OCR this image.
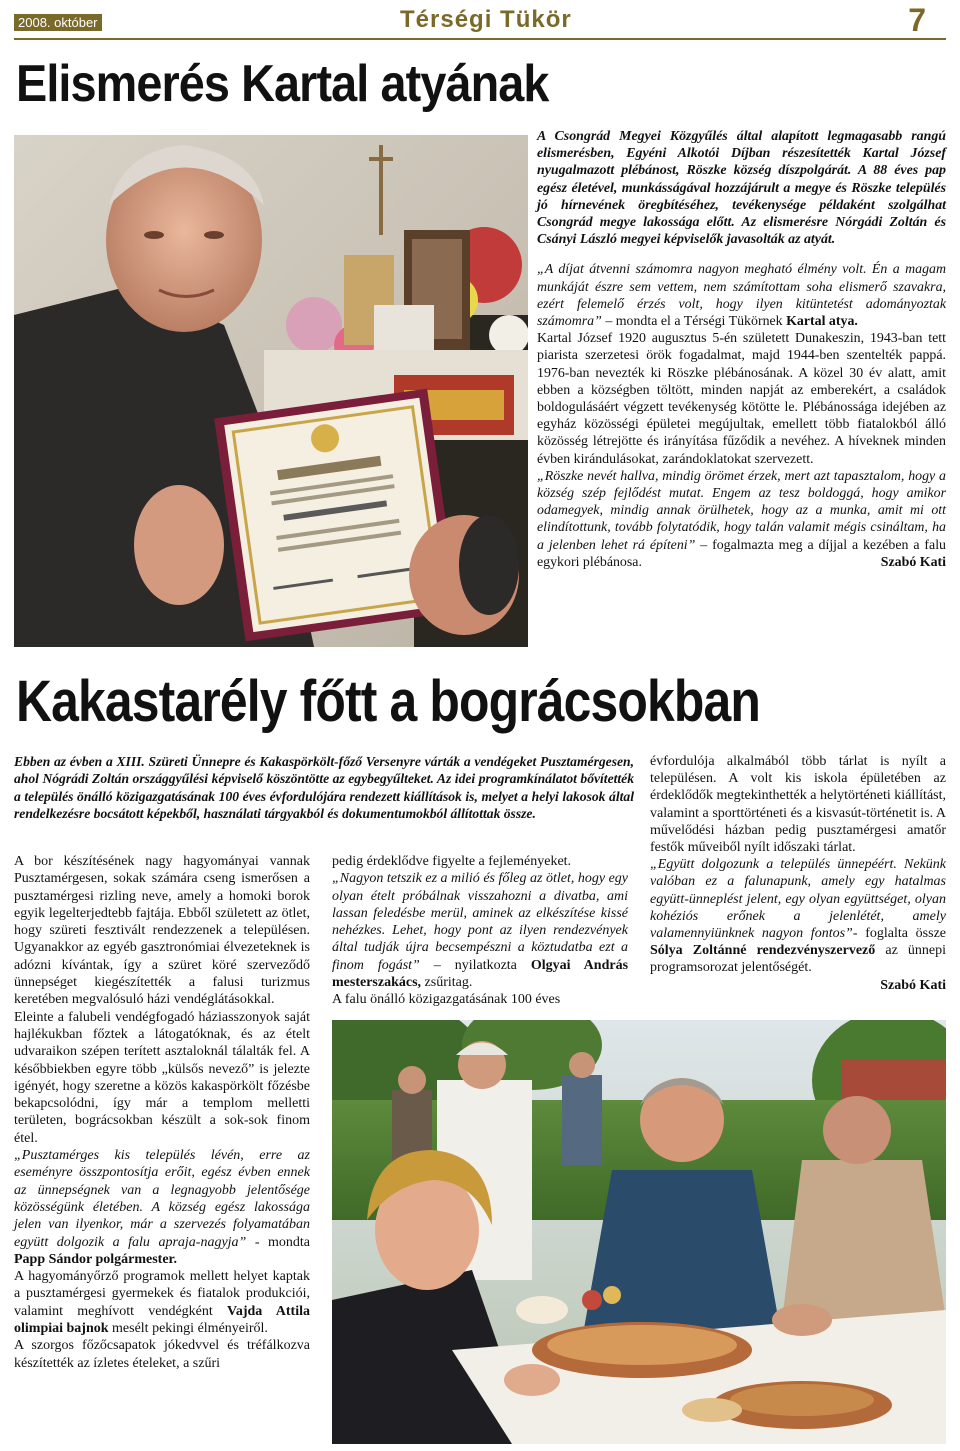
2008. október	Térségi Tükör	7
Elismerés Kartal atyának

A Csongrád Megyei Közgyűlés által alapított legmagasabb rangú elismerésben, Egyéni Alkotói Díjban részesítették Kartal József nyugalmazott plébánost, Röszke község díszpolgárát. A 88 éves pap egész életével, munkásságával hozzájárult a megye és Röszke település jó hírnevének öregbítéséhez, tevékenysége példaként szolgálhat Csongrád megye lakossága előtt. Az elismerésre Nórgádi Zoltán és Csányi László megyei képviselők javasolták az atyát.

„A díjat átvenni számomra nagyon megható élmény volt. Én a magam munkáját észre sem vettem, nem számítottam soha elismerő szavakra, ezért felemelő érzés volt, hogy ilyen kitüntetést adományoztak számomra” – mondta el a Térségi Tükörnek Kartal atya.

Kartal József 1920 augusztus 5-én született Dunakeszin, 1943-ban tett piarista szerzetesi örök fogadalmat, majd 1944-ben szentelték pappá. 1976-ban nevezték ki Röszke plébánosának. A közel 30 év alatt, amit ebben a községben töltött, minden napját az emberekért, a családok boldogulásáért végzett tevékenység kötötte le. Plébánossága idejében az egyház közösségi épületei megújultak, emellett több fiatalokból álló közösség létrejötte és irányítása fűződik a nevéhez. A híveknek minden évben kirándulásokat, zarándoklatokat szervezett.

„Röszke nevét hallva, mindig örömet érzek, mert azt tapasztalom, hogy a község szép fejlődést mutat. Engem az tesz boldoggá, hogy amikor odamegyek, mindig annak örülhetek, hogy az a munka, amit mi ott elindítottunk, tovább folytatódik, hogy talán valamit mégis csináltam, ha a jelenben lehet rá építeni” – fogalmazta meg a díjjal a kezében a falu egykori plébánosa.	Szabó Kati

Kakastarély főtt a bográcsokban
Ebben az évben a XIII. Szüreti Ünnepre és Kakaspörkölt-főző Versenyre várták a vendégeket Pusztamérgesen, ahol Nógrádi Zoltán országgyűlési képviselő köszöntötte az egybegyűlteket. Az idei programkínálatot bővítették a település önálló közigazgatásának 100 éves évfordulójára rendezett kiállítások is, melyet a helyi lakosok által rendelkezésre bocsátott képekből, használati tárgyakból és dokumentumokból állítottak össze.

A bor készítésének nagy hagyományai vannak Pusztamérgesen, sokak számára cseng ismerősen a pusztamérgesi rizling neve, amely a homoki borok egyik legelterjedtebb fajtája. Ebből született az ötlet, hogy szüreti fesztivált rendezzenek a településen. Ugyanakkor az egyéb gasztronómiai élvezeteknek is adózni kívántak, így a szüret köré szerveződő ünnepséget kiegészítették a falusi turizmus keretében megvalósuló házi vendéglátásokkal.

Eleinte a falubeli vendégfogadó háziasszonyok saját hajlékukban főztek a látogatóknak, és az ételt udvaraikon szépen terített asztaloknál tálalták fel. A későbbiekben egyre több „külsős nevező” is jelezte igényét, hogy szeretne a közös kakaspörkölt főzésbe bekapcsolódni, így már a templom melletti területen, bográcsokban készült a sok-sok finom étel.

„Pusztamérges kis település lévén, erre az eseményre összpontosítja erőit, egész évben ennek az ünnepségnek van a legnagyobb jelentősége közösségünk életében. A község egész lakossága jelen van ilyenkor, már a szervezés folyamatában együtt dolgozik a falu apraja-nagyja” - mondta Papp Sándor polgármester.

A hagyományőrző programok mellett helyet kaptak a pusztamérgesi gyermekek és fiatalok produkciói, valamint meghívott vendégként Vajda Attila olimpiai bajnok mesélt pekingi élményeiről.

A szorgos főzőcsapatok jókedvvel és tréfálkozva készítették az ízletes ételeket, a szűri

pedig érdeklődve figyelte a fejleményeket.

„Nagyon tetszik ez a milió és főleg az ötlet, hogy egy olyan ételt próbálnak visszahozni a divatba, ami lassan feledésbe merül, aminek az elkészítése kissé nehézkes. Lehet, hogy pont az ilyen rendezvények által tudják újra becsempészni a köztudatba ezt a finom fogást” – nyilatkozta Olgyai András mesterszakács, zsűritag.

A falu önálló közigazgatásának 100 éves

évfordulója alkalmából több tárlat is nyílt a településen. A volt kis iskola épületében az érdeklődők megtekinthették a helytörténeti kiállítást, valamint a sporttörténeti és a kisvasút-történetit is. A művelődési házban pedig pusztamérgesi amatőr festők műveiből nyílt időszaki tárlat.

„Együtt dolgozunk a település ünnepéért. Nekünk valóban ez a falunapunk, amely egy hatalmas együtt-ünneplést jelent, egy olyan együttséget, olyan kohéziós erőnek a jelenlétét, amely valamennyiünknek nagyon fontos”- foglalta össze Sólya Zoltánné rendezvényszervező az ünnepi programsorozat jelentőségét.

Szabó Kati
